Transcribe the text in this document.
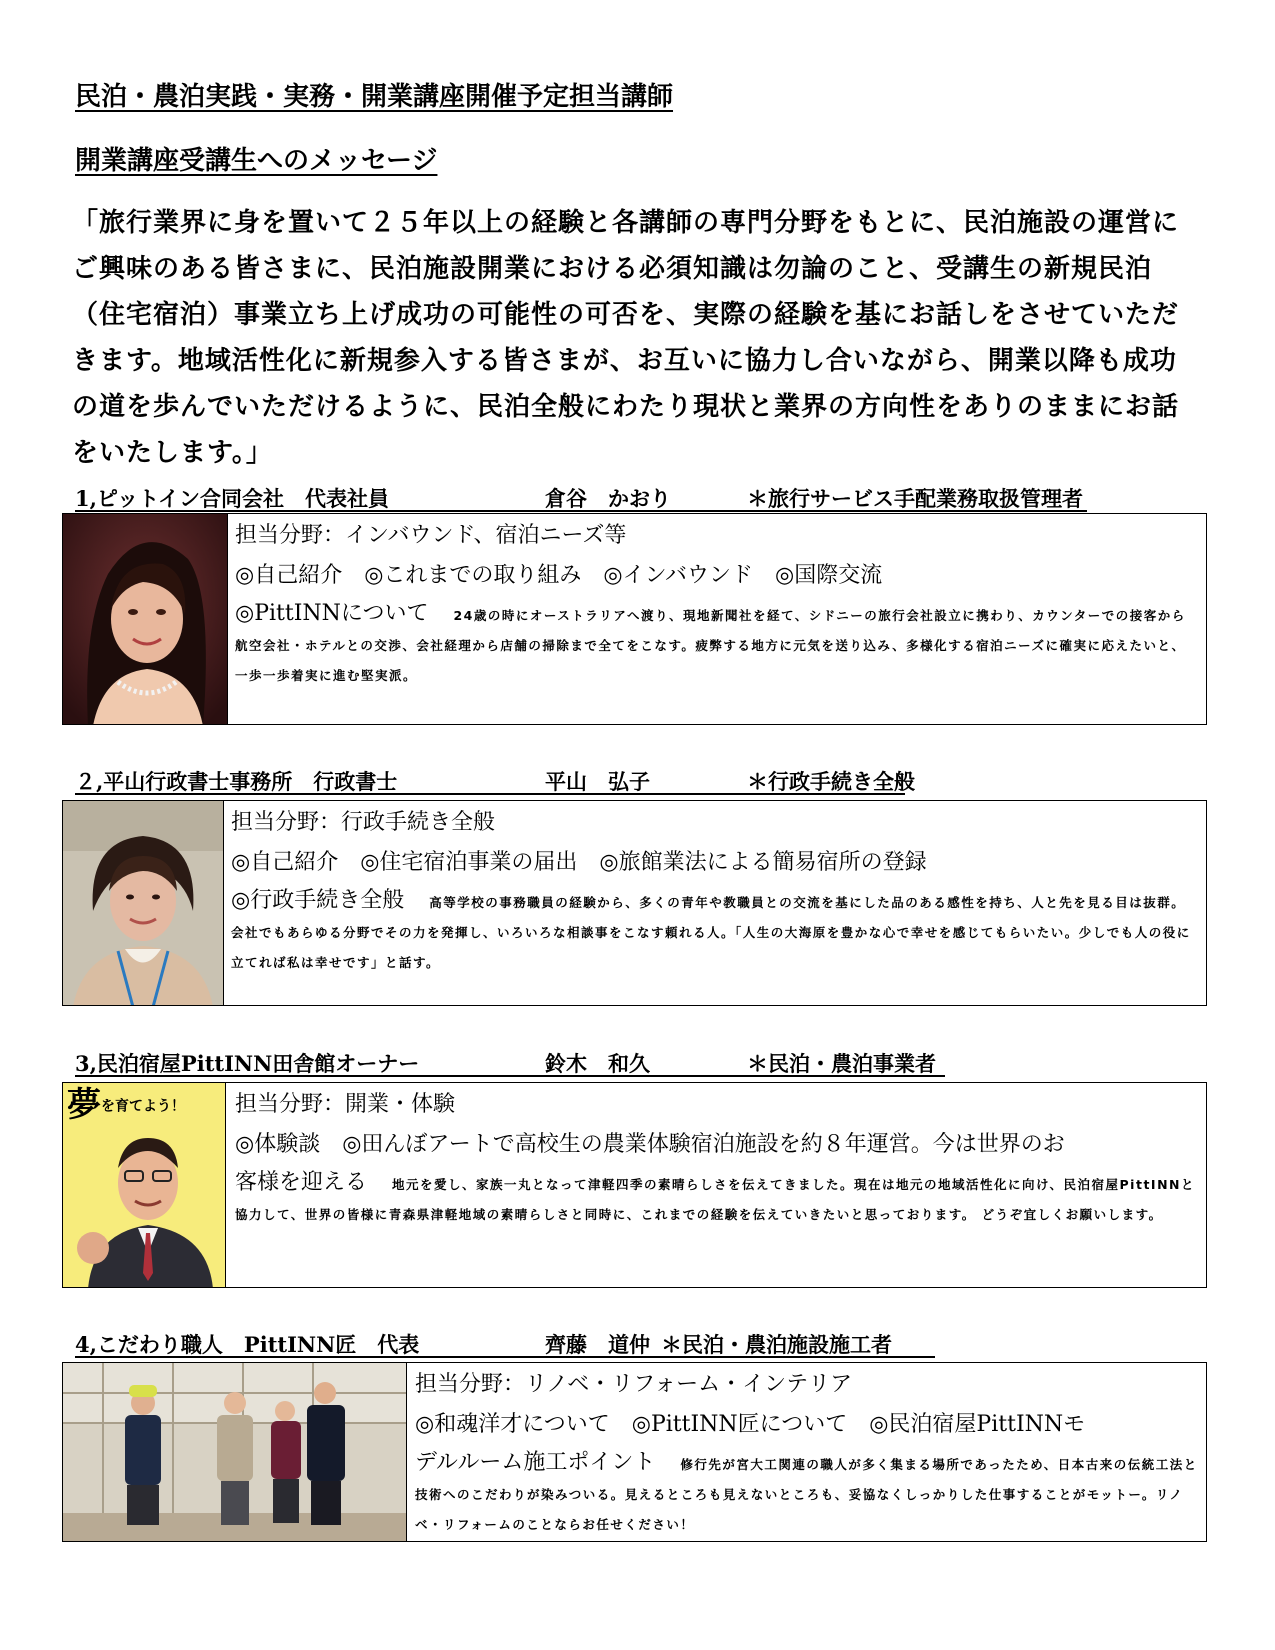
民泊・農泊実践・実務・開業講座開催予定担当講師
開業講座受講生へのメッセージ
「旅行業界に身を置いて２５年以上の経験と各講師の専門分野をもとに、民泊施設の運営にご興味のある皆さまに、民泊施設開業における必須知識は勿論のこと、受講生の新規民泊（住宅宿泊）事業立ち上げ成功の可能性の可否を、実際の経験を基にお話しをさせていただきます。地域活性化に新規参入する皆さまが、お互いに協力し合いながら、開業以降も成功の道を歩んでいただけるように、民泊全般にわたり現状と業界の方向性をありのままにお話をいたします。」
1,ピットイン合同会社　代表社員	倉谷　かおり	＊旅行サービス手配業務取扱管理者
担当分野：インバウンド、宿泊ニーズ等
◎自己紹介　◎これまでの取り組み　◎インバウンド　◎国際交流
◎PittINNについて 24歳の時にオーストラリアへ渡り、現地新聞社を経て、シドニーの旅行会社設立に携わり、カウンターでの接客から航空会社・ホテルとの交渉、会社経理から店舗の掃除まで全てをこなす。疲弊する地方に元気を送り込み、多様化する宿泊ニーズに確実に応えたいと、一歩一歩着実に進む堅実派。
２,平山行政書士事務所　行政書士	平山　弘子	＊行政手続き全般
担当分野：行政手続き全般
◎自己紹介　◎住宅宿泊事業の届出　◎旅館業法による簡易宿所の登録
◎行政手続き全般 高等学校の事務職員の経験から、多くの青年や教職員との交流を基にした品のある感性を持ち、人と先を見る目は抜群。会社でもあらゆる分野でその力を発揮し、いろいろな相談事をこなす頼れる人。「人生の大海原を豊かな心で幸せを感じてもらいたい。少しでも人の役に立てれば私は幸せです」と話す。
3,民泊宿屋PittINN田舎館オーナー	鈴木　和久	＊民泊・農泊事業者
夢を育てよう！ 担当分野：開業・体験
◎体験談　◎田んぼアートで高校生の農業体験宿泊施設を約８年運営。今は世界のお
客様を迎える 地元を愛し、家族一丸となって津軽四季の素晴らしさを伝えてきました。現在は地元の地域活性化に向け、民泊宿屋PittINNと協力して、世界の皆様に青森県津軽地域の素晴らしさと同時に、これまでの経験を伝えていきたいと思っております。 どうぞ宜しくお願いします。
4,こだわり職人　PittINN匠　代表	齊藤　道仲 ＊民泊・農泊施設施工者
担当分野：リノベ・リフォーム・インテリア
◎和魂洋才について　◎PittINN匠について　◎民泊宿屋PittINNモ
デルルーム施工ポイント 修行先が宮大工関連の職人が多く集まる場所であったため、日本古来の伝統工法と技術へのこだわりが染みついる。見えるところも見えないところも、妥協なくしっかりした仕事することがモットー。リノベ・リフォームのことならお任せください！
